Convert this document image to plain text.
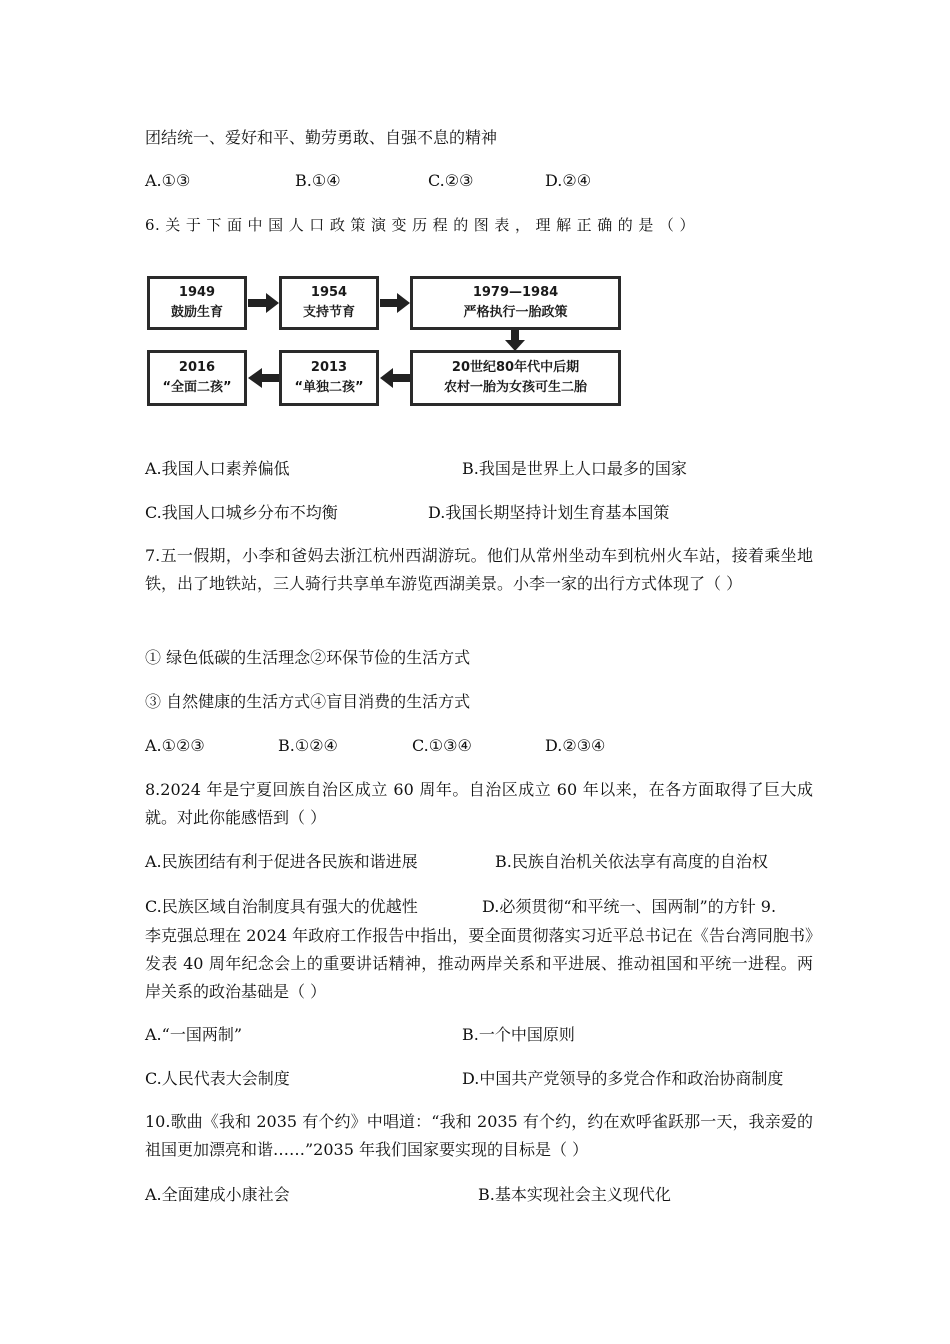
团结统一、爱好和平、勤劳勇敢、自强不息的精神
A.①③	B.①④	C.②③	D.②④
6. 关 于 下 面 中 国 人 口 政 策 演 变 历 程 的 图 表 ， 理 解 正 确 的 是 （ ）
1949
鼓励生育
1954
支持节育
1979—1984
严格执行一胎政策
20世纪80年代中后期
农村一胎为女孩可生二胎
2013
“单独二孩”
2016
“全面二孩”
A.我国人口素养偏低	B.我国是世界上人口最多的国家
C.我国人口城乡分布不均衡	D.我国长期坚持计划生育基本国策
7.五一假期，小李和爸妈去浙江杭州西湖游玩。他们从常州坐动车到杭州火车站，接着乘坐地铁，出了地铁站，三人骑行共享单车游览西湖美景。小李一家的出行方式体现了（ ）
① 绿色低碳的生活理念②环保节俭的生活方式
③ 自然健康的生活方式④盲目消费的生活方式
A.①②③	B.①②④	C.①③④	D.②③④
8.2024 年是宁夏回族自治区成立 60 周年。自治区成立 60 年以来，在各方面取得了巨大成就。对此你能感悟到（ ）
A.民族团结有利于促进各民族和谐进展	B.民族自治机关依法享有高度的自治权
C.民族区域自治制度具有强大的优越性	D.必须贯彻“和平统一、国两制”的方针 9.
李克强总理在 2024 年政府工作报告中指出，要全面贯彻落实习近平总书记在《告台湾同胞书》发表 40 周年纪念会上的重要讲话精神，推动两岸关系和平进展、推动祖国和平统一进程。两岸关系的政治基础是（ ）
A.“一国两制”	B.一个中国原则
C.人民代表大会制度	D.中国共产党领导的多党合作和政治协商制度
10.歌曲《我和 2035 有个约》中唱道：“我和 2035 有个约，约在欢呼雀跃那一天，我亲爱的祖国更加漂亮和谐……”2035 年我们国家要实现的目标是（ ）
A.全面建成小康社会	B.基本实现社会主义现代化
